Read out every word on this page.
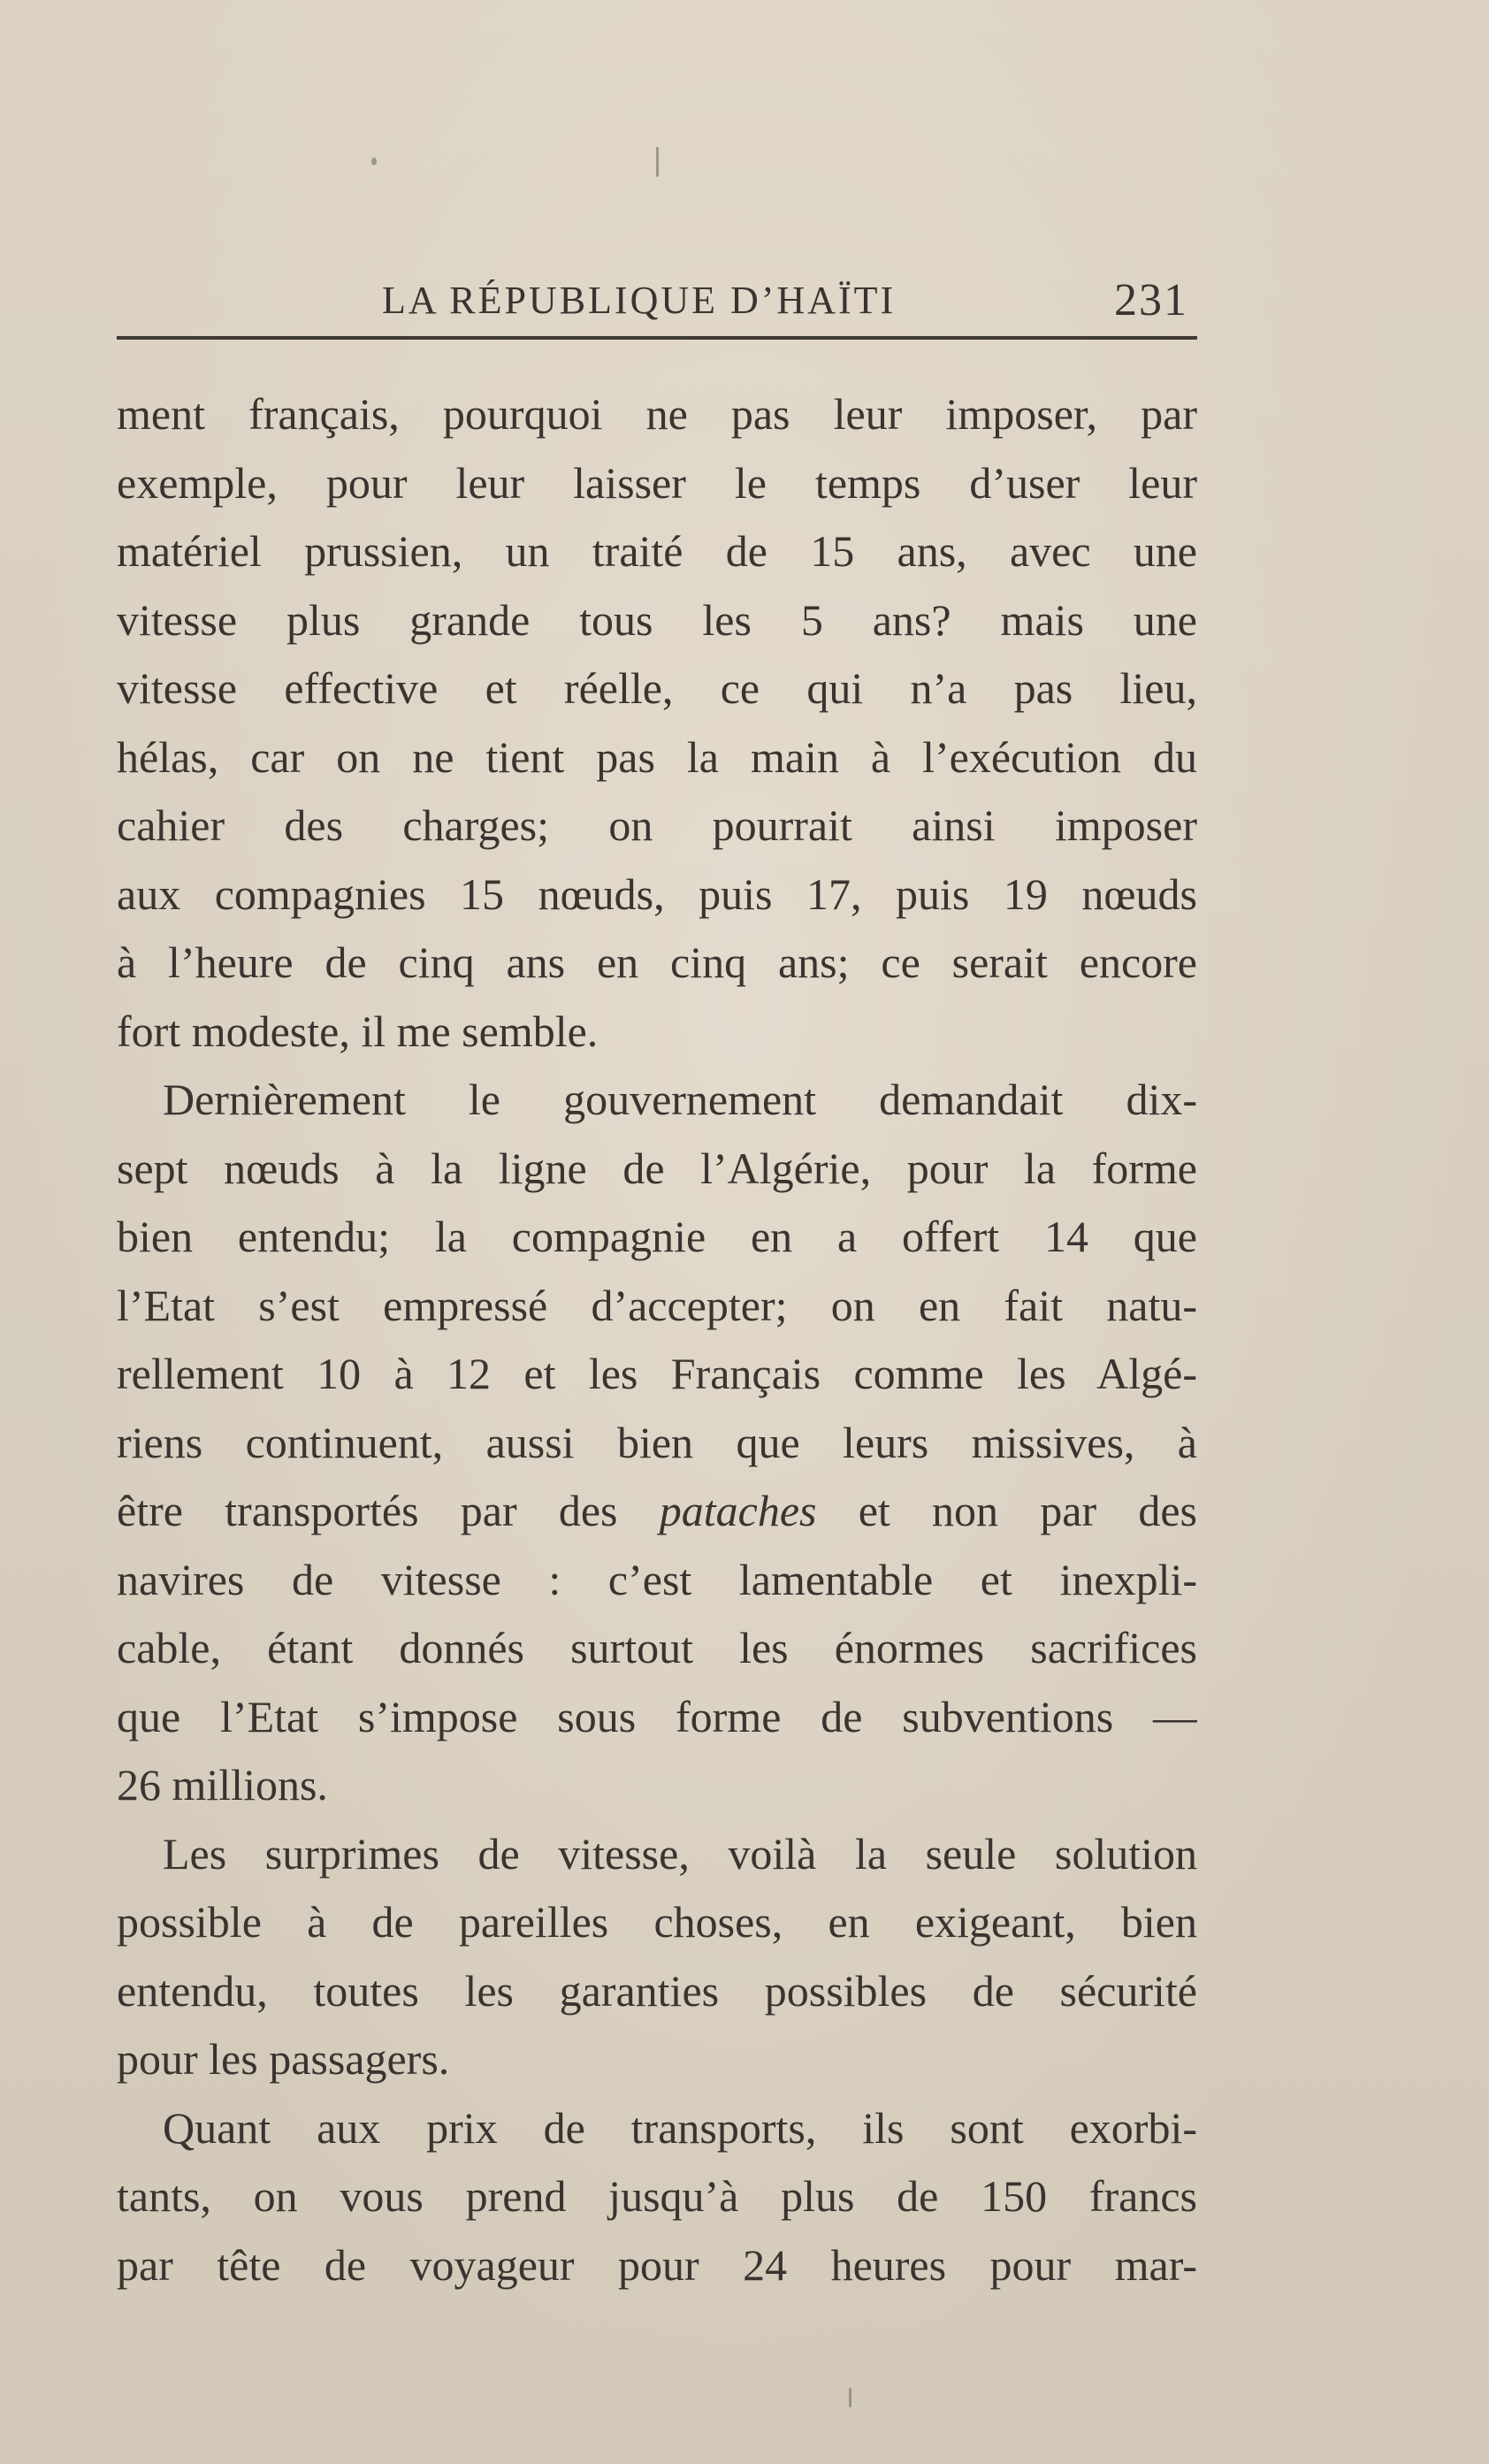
LA RÉPUBLIQUE D’HAÏTI	231
ment français, pourquoi ne pas leur imposer, par
exemple, pour leur laisser le temps d’user leur
matériel prussien, un traité de 15 ans, avec une
vitesse plus grande tous les 5 ans? mais une
vitesse effective et réelle, ce qui n’a pas lieu,
hélas, car on ne tient pas la main à l’exécution du
cahier des charges; on pourrait ainsi imposer
aux compagnies 15 nœuds, puis 17, puis 19 nœuds
à l’heure de cinq ans en cinq ans; ce serait encore
fort modeste, il me semble.
Dernièrement le gouvernement demandait dix-
sept nœuds à la ligne de l’Algérie, pour la forme
bien entendu; la compagnie en a offert 14 que
l’Etat s’est empressé d’accepter; on en fait natu-
rellement 10 à 12 et les Français comme les Algé-
riens continuent, aussi bien que leurs missives, à
être transportés par des pataches et non par des
navires de vitesse : c’est lamentable et inexpli-
cable, étant donnés surtout les énormes sacrifices
que l’Etat s’impose sous forme de subventions —
26 millions.
Les surprimes de vitesse, voilà la seule solution
possible à de pareilles choses, en exigeant, bien
entendu, toutes les garanties possibles de sécurité
pour les passagers.
Quant aux prix de transports, ils sont exorbi-
tants, on vous prend jusqu’à plus de 150 francs
par tête de voyageur pour 24 heures pour mar-
